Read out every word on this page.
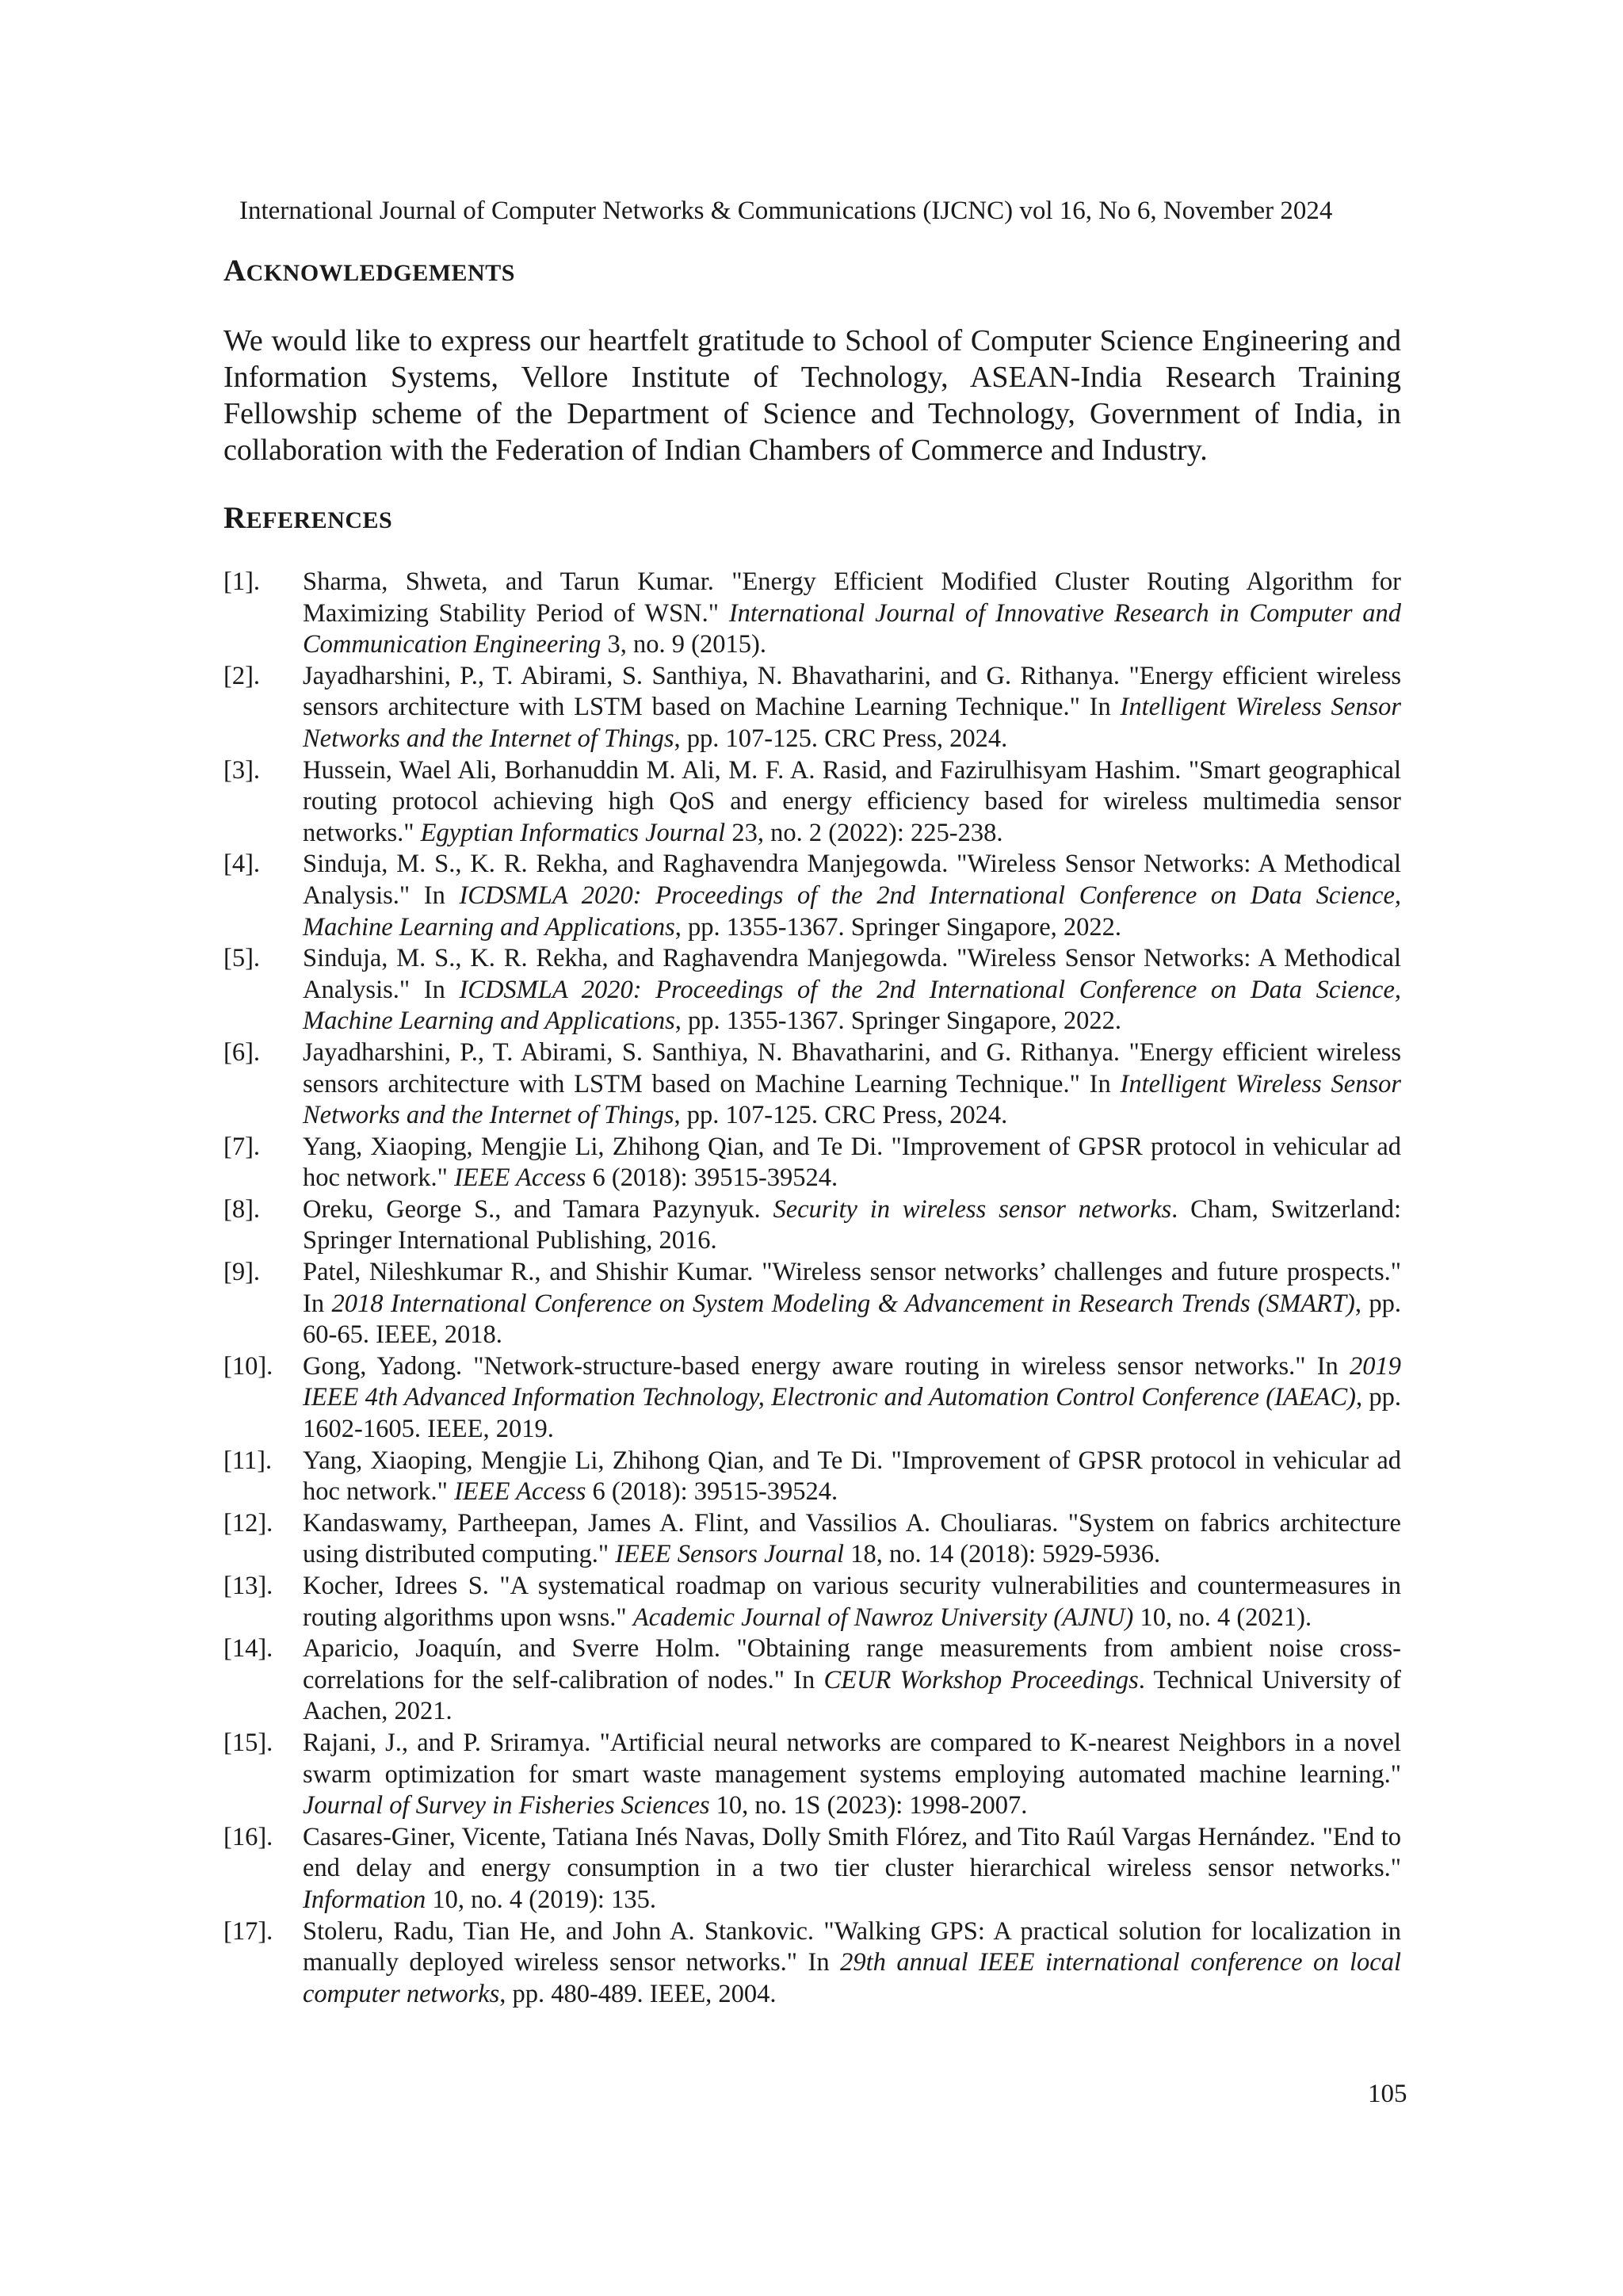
International Journal of Computer Networks & Communications (IJCNC) vol 16, No 6, November 2024
ACKNOWLEDGEMENTS

We would like to express our heartfelt gratitude to School of Computer Science Engineering and Information Systems, Vellore Institute of Technology, ASEAN-India Research Training Fellowship scheme of the Department of Science and Technology, Government of India, in collaboration with the Federation of Indian Chambers of Commerce and Industry.

REFERENCES
[1]. Sharma, Shweta, and Tarun Kumar. "Energy Efficient Modified Cluster Routing Algorithm for Maximizing Stability Period of WSN." International Journal of Innovative Research in Computer and Communication Engineering 3, no. 9 (2015).
[2]. Jayadharshini, P., T. Abirami, S. Santhiya, N. Bhavatharini, and G. Rithanya. "Energy efficient wireless sensors architecture with LSTM based on Machine Learning Technique." In Intelligent Wireless Sensor Networks and the Internet of Things, pp. 107-125. CRC Press, 2024.
[3]. Hussein, Wael Ali, Borhanuddin M. Ali, M. F. A. Rasid, and Fazirulhisyam Hashim. "Smart geographical routing protocol achieving high QoS and energy efficiency based for wireless multimedia sensor networks." Egyptian Informatics Journal 23, no. 2 (2022): 225-238.
[4]. Sinduja, M. S., K. R. Rekha, and Raghavendra Manjegowda. "Wireless Sensor Networks: A Methodical Analysis." In ICDSMLA 2020: Proceedings of the 2nd International Conference on Data Science, Machine Learning and Applications, pp. 1355-1367. Springer Singapore, 2022.
[5]. Sinduja, M. S., K. R. Rekha, and Raghavendra Manjegowda. "Wireless Sensor Networks: A Methodical Analysis." In ICDSMLA 2020: Proceedings of the 2nd International Conference on Data Science, Machine Learning and Applications, pp. 1355-1367. Springer Singapore, 2022.
[6]. Jayadharshini, P., T. Abirami, S. Santhiya, N. Bhavatharini, and G. Rithanya. "Energy efficient wireless sensors architecture with LSTM based on Machine Learning Technique." In Intelligent Wireless Sensor Networks and the Internet of Things, pp. 107-125. CRC Press, 2024.
[7]. Yang, Xiaoping, Mengjie Li, Zhihong Qian, and Te Di. "Improvement of GPSR protocol in vehicular ad hoc network." IEEE Access 6 (2018): 39515-39524.
[8]. Oreku, George S., and Tamara Pazynyuk. Security in wireless sensor networks. Cham, Switzerland: Springer International Publishing, 2016.
[9]. Patel, Nileshkumar R., and Shishir Kumar. "Wireless sensor networks’ challenges and future prospects." In 2018 International Conference on System Modeling & Advancement in Research Trends (SMART), pp. 60-65. IEEE, 2018.
[10]. Gong, Yadong. "Network-structure-based energy aware routing in wireless sensor networks." In 2019 IEEE 4th Advanced Information Technology, Electronic and Automation Control Conference (IAEAC), pp. 1602-1605. IEEE, 2019.
[11]. Yang, Xiaoping, Mengjie Li, Zhihong Qian, and Te Di. "Improvement of GPSR protocol in vehicular ad hoc network." IEEE Access 6 (2018): 39515-39524.
[12]. Kandaswamy, Partheepan, James A. Flint, and Vassilios A. Chouliaras. "System on fabrics architecture using distributed computing." IEEE Sensors Journal 18, no. 14 (2018): 5929-5936.
[13]. Kocher, Idrees S. "A systematical roadmap on various security vulnerabilities and countermeasures in routing algorithms upon wsns." Academic Journal of Nawroz University (AJNU) 10, no. 4 (2021).
[14]. Aparicio, Joaquín, and Sverre Holm. "Obtaining range measurements from ambient noise cross-correlations for the self-calibration of nodes." In CEUR Workshop Proceedings. Technical University of Aachen, 2021.
[15]. Rajani, J., and P. Sriramya. "Artificial neural networks are compared to K-nearest Neighbors in a novel swarm optimization for smart waste management systems employing automated machine learning." Journal of Survey in Fisheries Sciences 10, no. 1S (2023): 1998-2007.
[16]. Casares-Giner, Vicente, Tatiana Inés Navas, Dolly Smith Flórez, and Tito Raúl Vargas Hernández. "End to end delay and energy consumption in a two tier cluster hierarchical wireless sensor networks." Information 10, no. 4 (2019): 135.
[17]. Stoleru, Radu, Tian He, and John A. Stankovic. "Walking GPS: A practical solution for localization in manually deployed wireless sensor networks." In 29th annual IEEE international conference on local computer networks, pp. 480-489. IEEE, 2004.
105
